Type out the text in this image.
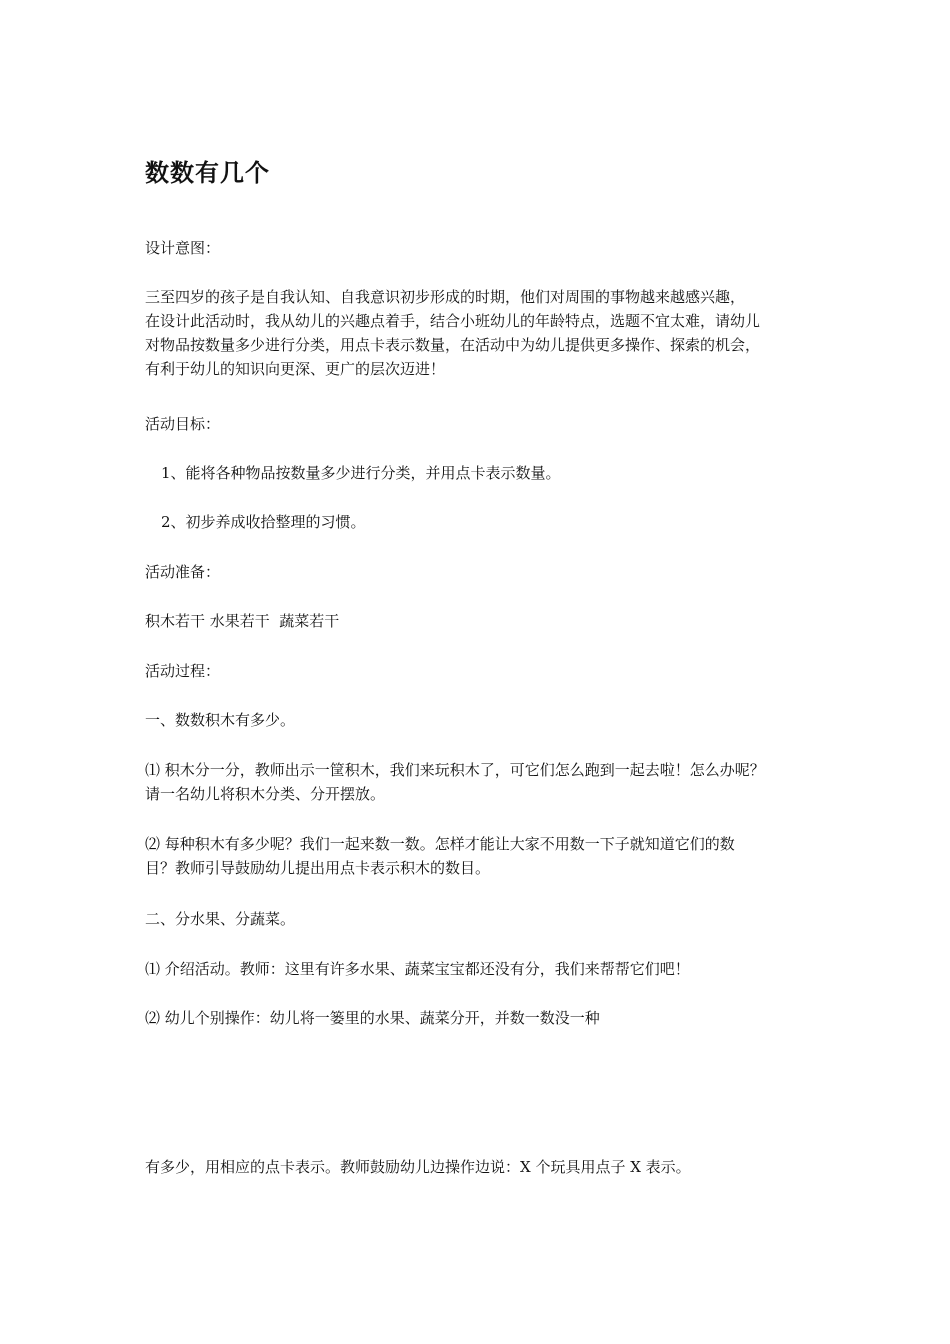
数数有几个

设计意图：

三至四岁的孩子是自我认知、自我意识初步形成的时期，他们对周围的事物越来越感兴趣，
在设计此活动时，我从幼儿的兴趣点着手，结合小班幼儿的年龄特点，选题不宜太难，请幼儿
对物品按数量多少进行分类，用点卡表示数量，在活动中为幼儿提供更多操作、探索的机会，
有利于幼儿的知识向更深、更广的层次迈进！

活动目标：

1、能将各种物品按数量多少进行分类，并用点卡表示数量。

2、初步养成收拾整理的习惯。

活动准备：

积木若干 水果若干  蔬菜若干

活动过程：

一、数数积木有多少。

⑴ 积木分一分，教师出示一筐积木，我们来玩积木了，可它们怎么跑到一起去啦！怎么办呢？
请一名幼儿将积木分类、分开摆放。
⑵ 每种积木有多少呢？我们一起来数一数。怎样才能让大家不用数一下子就知道它们的数
目？教师引导鼓励幼儿提出用点卡表示积木的数目。

二、分水果、分蔬菜。

⑴ 介绍活动。教师：这里有许多水果、蔬菜宝宝都还没有分，我们来帮帮它们吧！

⑵ 幼儿个别操作：幼儿将一篓里的水果、蔬菜分开，并数一数没一种

有多少，用相应的点卡表示。教师鼓励幼儿边操作边说：X 个玩具用点子 X 表示。
